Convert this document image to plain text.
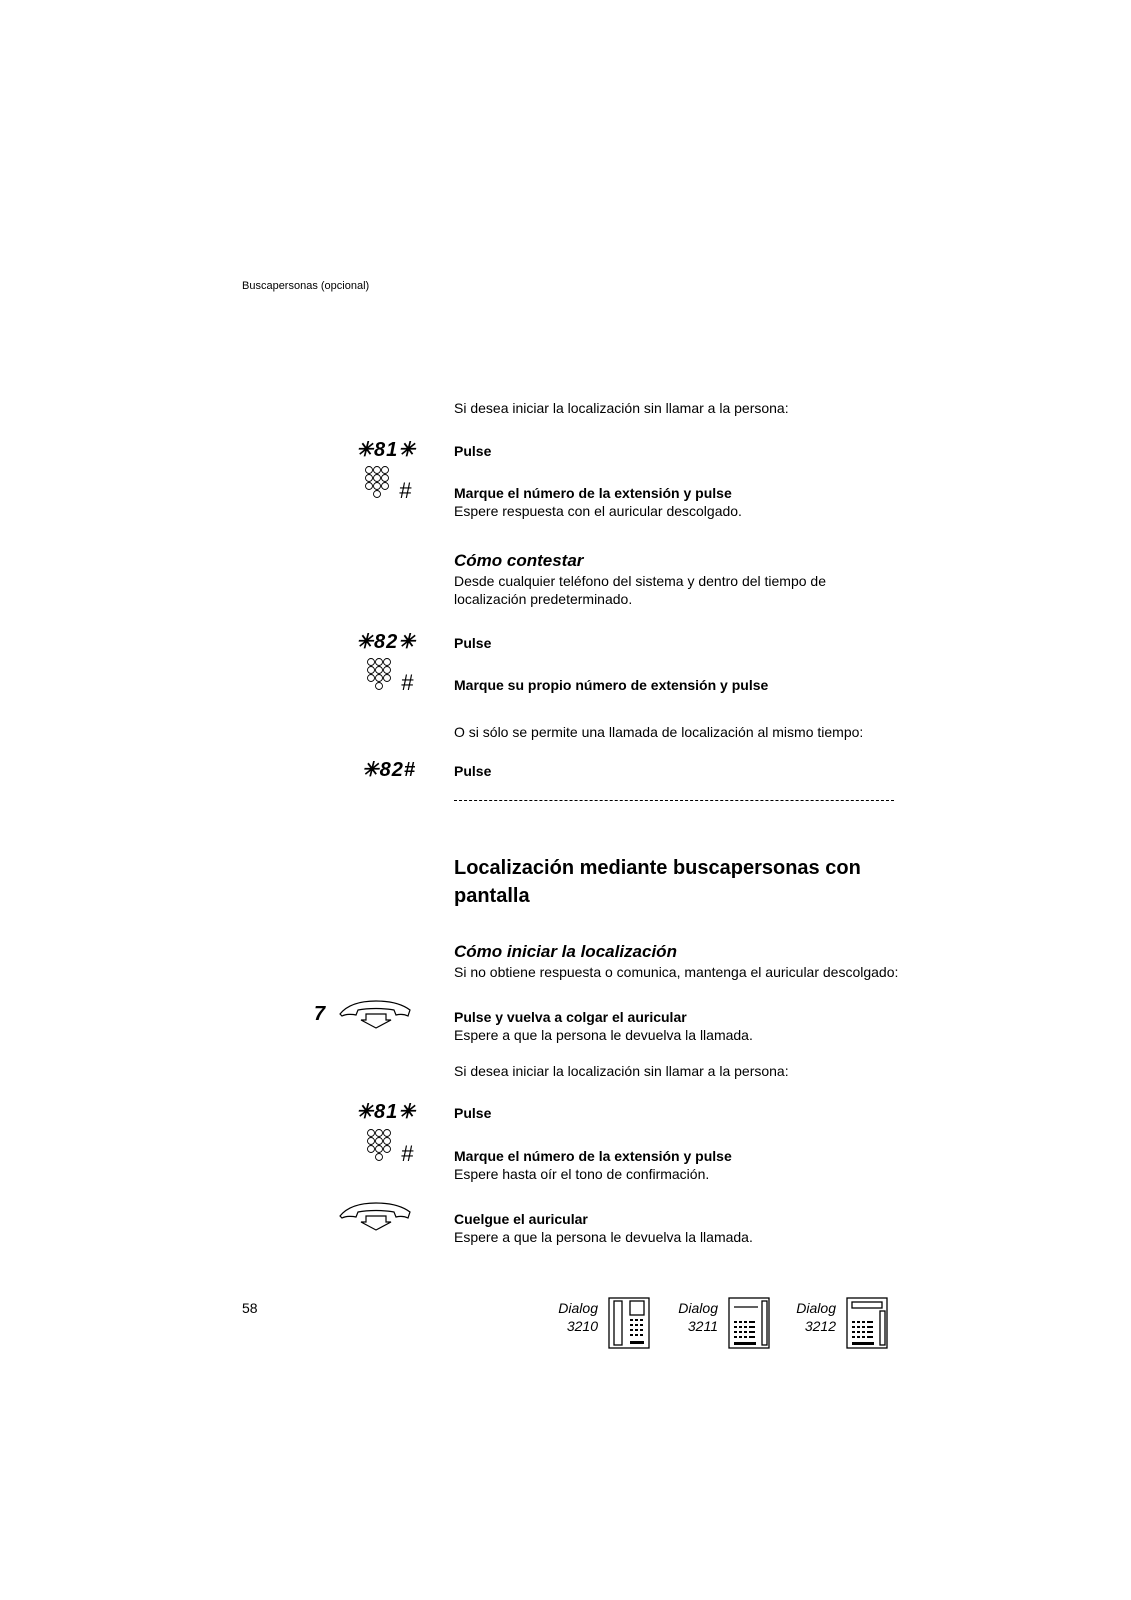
Buscapersonas (opcional)
Si desea iniciar la localización sin llamar a la persona:
✳81✳	Pulse
#	Marque el número de la extensión y pulse
Espere respuesta con el auricular descolgado.
Cómo contestar
Desde cualquier teléfono del sistema y dentro del tiempo de
localización predeterminado.
✳82✳	Pulse
#	Marque su propio número de extensión y pulse
O si sólo se permite una llamada de localización al mismo tiempo:
✳82#	Pulse
Localización mediante buscapersonas con pantalla
Cómo iniciar la localización
Si no obtiene respuesta o comunica, mantenga el auricular descolgado:
7	Pulse y vuelva a colgar el auricular
Espere a que la persona le devuelva la llamada.
Si desea iniciar la localización sin llamar a la persona:
✳81✳	Pulse
#	Marque el número de la extensión y pulse
Espere hasta oír el tono de confirmación.
Cuelgue el auricular
Espere a que la persona le devuelva la llamada.
58	Dialog
3210
Dialog
3211
Dialog
3212
